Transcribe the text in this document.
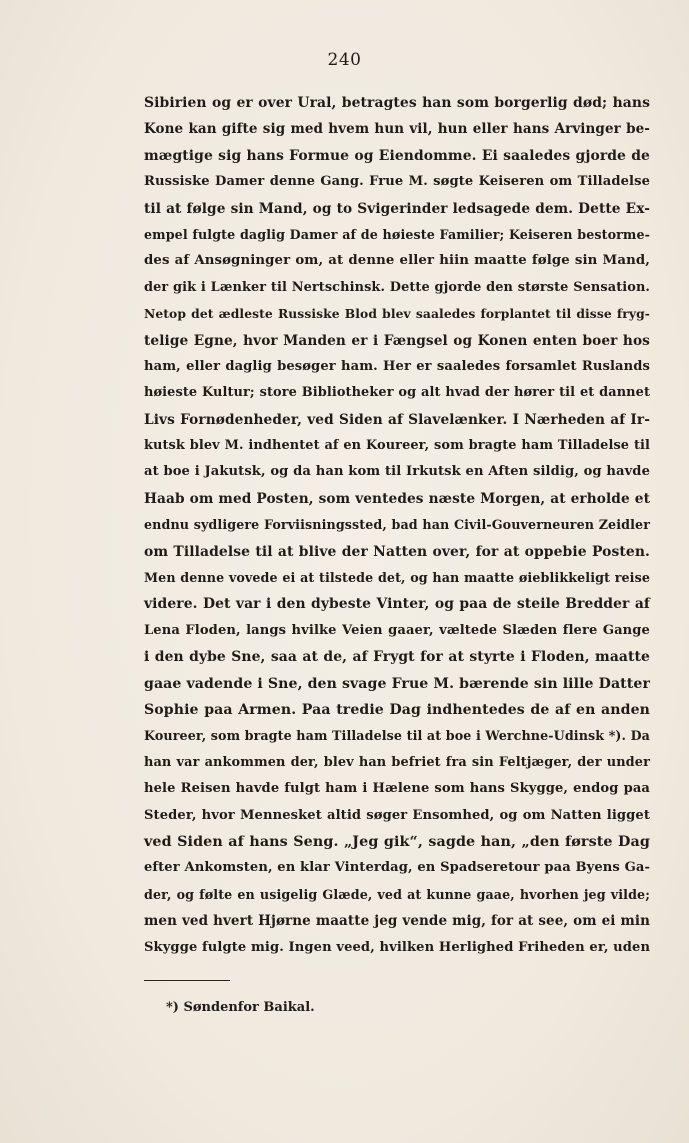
240
Sibirien og er over Ural, betragtes han som borgerlig død; hans
Kone kan gifte sig med hvem hun vil, hun eller hans Arvinger be-
mægtige sig hans Formue og Eiendomme. Ei saaledes gjorde de
Russiske Damer denne Gang. Frue M. søgte Keiseren om Tilladelse
til at følge sin Mand, og to Svigerinder ledsagede dem. Dette Ex-
empel fulgte daglig Damer af de høieste Familier; Keiseren bestorme-
des af Ansøgninger om, at denne eller hiin maatte følge sin Mand,
der gik i Lænker til Nertschinsk. Dette gjorde den største Sensation.
Netop det ædleste Russiske Blod blev saaledes forplantet til disse fryg-
telige Egne, hvor Manden er i Fængsel og Konen enten boer hos
ham, eller daglig besøger ham. Her er saaledes forsamlet Ruslands
høieste Kultur; store Bibliotheker og alt hvad der hører til et dannet
Livs Fornødenheder, ved Siden af Slavelænker. I Nærheden af Ir-
kutsk blev M. indhentet af en Koureer, som bragte ham Tilladelse til
at boe i Jakutsk, og da han kom til Irkutsk en Aften sildig, og havde
Haab om med Posten, som ventedes næste Morgen, at erholde et
endnu sydligere Forviisningssted, bad han Civil-Gouverneuren Zeidler
om Tilladelse til at blive der Natten over, for at oppebie Posten.
Men denne vovede ei at tilstede det, og han maatte øieblikkeligt reise
videre. Det var i den dybeste Vinter, og paa de steile Bredder af
Lena Floden, langs hvilke Veien gaaer, væltede Slæden flere Gange
i den dybe Sne, saa at de, af Frygt for at styrte i Floden, maatte
gaae vadende i Sne, den svage Frue M. bærende sin lille Datter
Sophie paa Armen. Paa tredie Dag indhentedes de af en anden
Koureer, som bragte ham Tilladelse til at boe i Werchne-Udinsk *). Da
han var ankommen der, blev han befriet fra sin Feltjæger, der under
hele Reisen havde fulgt ham i Hælene som hans Skygge, endog paa
Steder, hvor Mennesket altid søger Ensomhed, og om Natten ligget
ved Siden af hans Seng. „Jeg gik“, sagde han, „den første Dag
efter Ankomsten, en klar Vinterdag, en Spadseretour paa Byens Ga-
der, og følte en usigelig Glæde, ved at kunne gaae, hvorhen jeg vilde;
men ved hvert Hjørne maatte jeg vende mig, for at see, om ei min
Skygge fulgte mig. Ingen veed, hvilken Herlighed Friheden er, uden
*) Søndenfor Baikal.
